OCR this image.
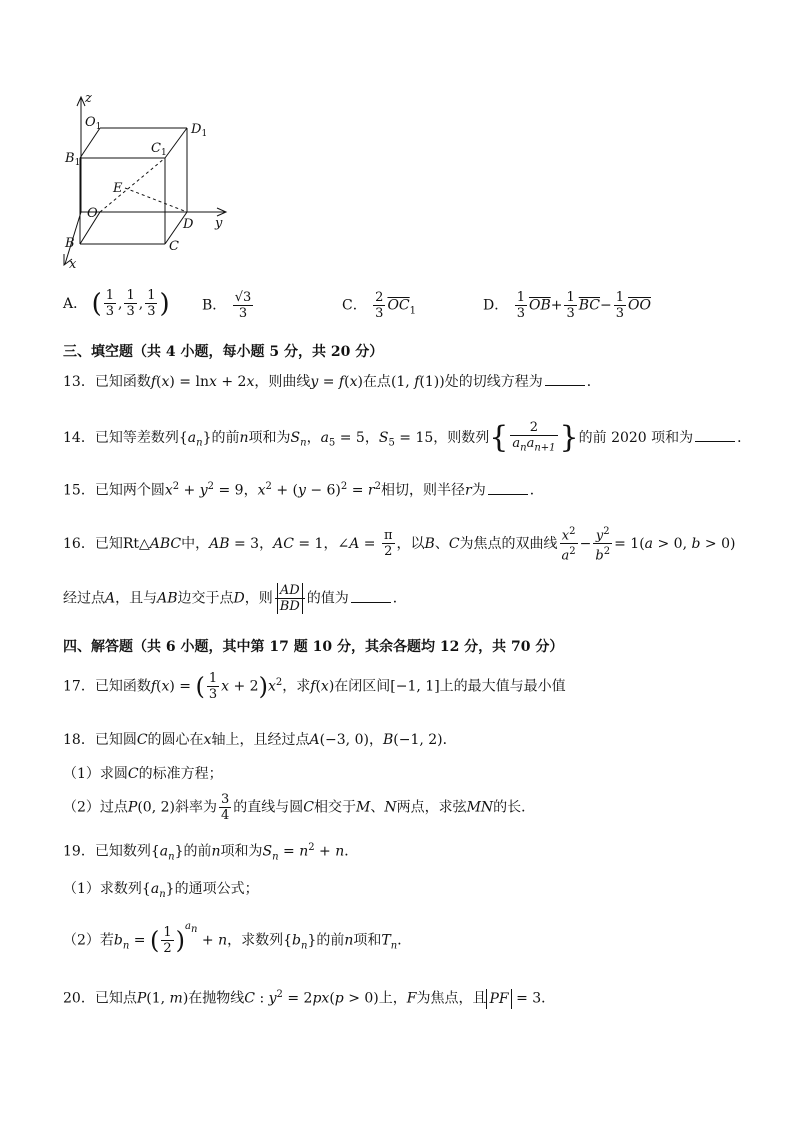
z
$O_1$	$D_1$
$B_1$
$C_1$
E
O
D y
B	C
x
A． ( $\frac{1}{3}$ , $\frac{1}{3}$ , $\frac{1}{3}$ ) B． $\frac{√3}{3}$	C． $\frac{2}{3} \overline{OC}_1$	D． $\frac{1}{3} \overline{OB}+ \frac{1}{3} \overline{BC}- \frac{1}{3} \overline{OO}$
三、填空题（共 4 小题，每小题 5 分，共 20 分）
13．已知函数f(x) = lnx + 2x，则曲线y = f(x)在点(1, f(1))处的切线方程为	．
14．已知等差数列$\{a_n\}$的前n项和为$S_n$，$a_5 = 5$，$S_5 = 15$，则数列{ $\frac{2}{a_na_{n+1}}$ }的前 2020 项和为	．
15．已知两个圆$x^2 + y^2 = 9$，$x^2 + (y - 6)^2 = r^2$相切，则半径r为	．
16．已知Rt△ABC中，AB = 3，AC = 1，∠A = $\frac{\pi}{2}$ ，以B、C为焦点的双曲线 $\frac{x^2}{a^2} - \frac{y^2}{b^2} = 1(a > 0$, b > 0)
经过点A，且与AB边交于点D，则 $\frac{AD}{BD}$ 的值为	．
四、解答题（共 6 小题，其中第 17 题 10 分，其余各题均 12 分，共 70 分）
17．已知函数f(x) = ( $\frac{1}{3}$ $x + 2)x^2$，求f(x)在闭区间[−1, 1]上的最大值与最小值
18．已知圆C的圆心在x轴上，且经过点A(−3, 0)，B(−1, 2)．
（1）求圆C的标准方程；
（2）过点P(0, 2)斜率为 $\frac{3}{4}$ 的直线与圆C相交于M、N两点，求弦MN的长．
19．已知数列$\{a_n\}$的前n项和为$S_n = n^2 + n$．
（1）求数列$\{a_n\}$的通项公式；
（2）若$b_n$ = ( $\frac{1}{2} )^{a_n} + n$，求数列$\{b_n\}$的前n项和$T_n$．
20．已知点P(1, m)在抛物线C : $y^2 = 2px(p > 0)$上，F为焦点，且 PF = 3．
